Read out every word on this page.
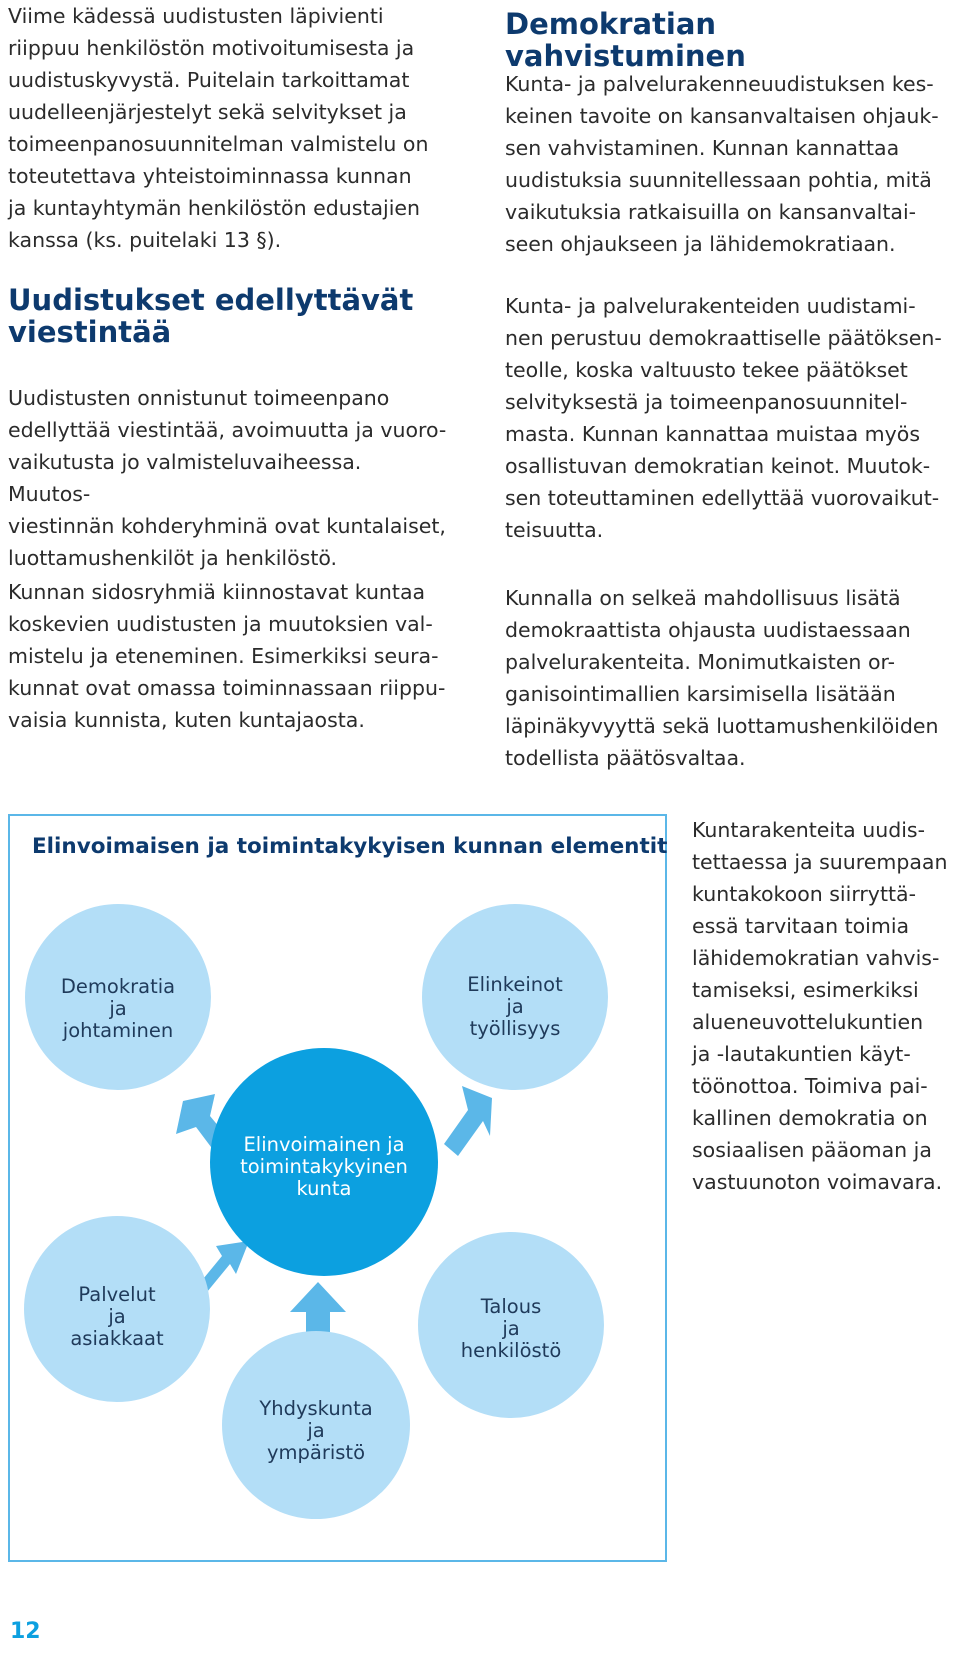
Viime kädessä uudistusten läpivienti
riippuu henkilöstön motivoitumisesta ja
uudistuskyvystä. Puitelain tarkoittamat
uudelleenjärjestelyt sekä selvitykset ja
toimeenpanosuunnitelman valmistelu on
toteutettava yhteistoiminnassa kunnan
ja kuntayhtymän henkilöstön edustajien
kanssa (ks. puitelaki 13 §).

Uudistukset edellyttävät viestintää

Uudistusten onnistunut toimeenpano
edellyttää viestintää, avoimuutta ja vuoro-
vaikutusta jo valmisteluvaiheessa. Muutos-
viestinnän kohderyhminä ovat kuntalaiset,
luottamushenkilöt ja henkilöstö.

Kunnan sidosryhmiä kiinnostavat kuntaa
koskevien uudistusten ja muutoksien val-
mistelu ja eteneminen. Esimerkiksi seura-
kunnat ovat omassa toiminnassaan riippu-
vaisia kunnista, kuten kuntajaosta.

Demokratian vahvistuminen

Kunta- ja palvelurakenneuudistuksen kes-
keinen tavoite on kansanvaltaisen ohjauk-
sen vahvistaminen. Kunnan kannattaa
uudistuksia suunnitellessaan pohtia, mitä
vaikutuksia ratkaisuilla on kansanvaltai-
seen ohjaukseen ja lähidemokratiaan.

Kunta- ja palvelurakenteiden uudistami-
nen perustuu demokraattiselle päätöksen-
teolle, koska valtuusto tekee päätökset
selvityksestä ja toimeenpanosuunnitel-
masta. Kunnan kannattaa muistaa myös
osallistuvan demokratian keinot. Muutok-
sen toteuttaminen edellyttää vuorovaikut-
teisuutta.

Kunnalla on selkeä mahdollisuus lisätä
demokraattista ohjausta uudistaessaan
palvelurakenteita. Monimutkaisten or-
ganisointimallien karsimisella lisätään
läpinäkyvyyttä sekä luottamushenkilöiden
todellista päätösvaltaa.

Kuntarakenteita uudis-
tettaessa ja suurempaan
kuntakokoon siirryttä-
essä tarvitaan toimia
lähidemokratian vahvis-
tamiseksi, esimerkiksi
alueneuvottelukuntien
ja -lautakuntien käyt-
töönottoa. Toimiva pai-
kallinen demokratia on
sosiaalisen pääoman ja
vastuunoton voimavara.

Elinvoimaisen ja toimintakykyisen kunnan elementit

Demokratia
ja
johtaminen
Elinkeinot
ja
työllisyys
Elinvoimainen ja
toimintakykyinen
kunta
Palvelut
ja
asiakkaat
Yhdyskunta
ja
ympäristö
Talous
ja
henkilöstö
12
